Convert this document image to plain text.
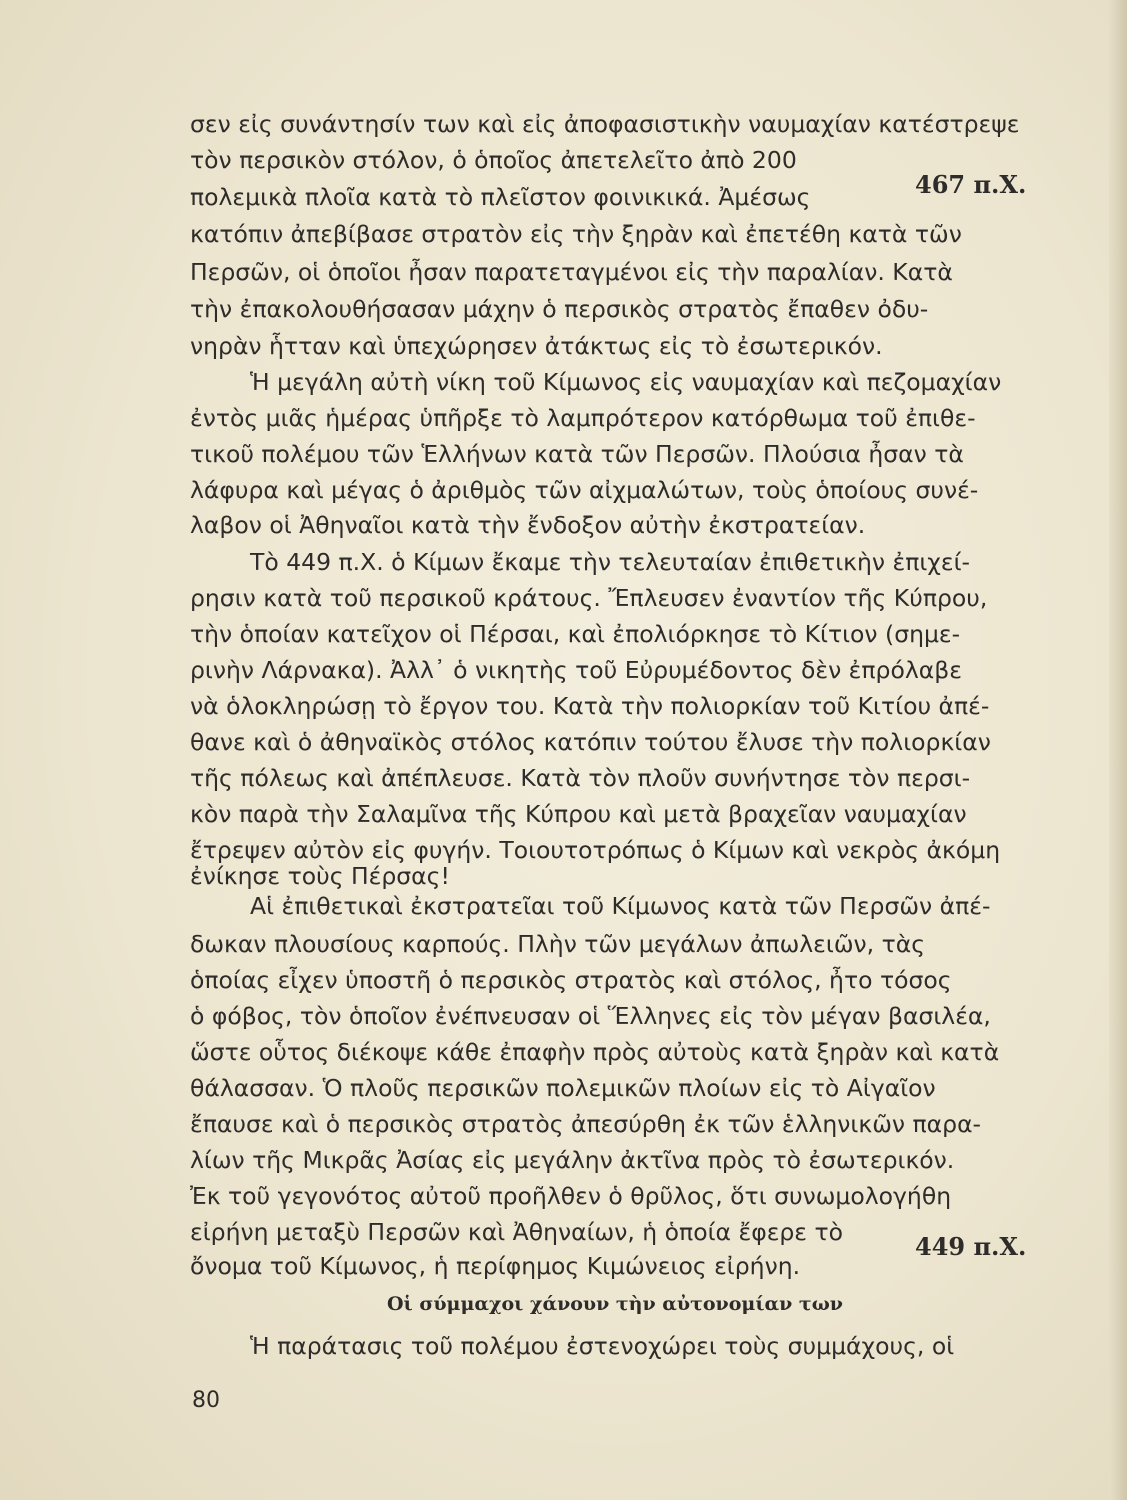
σεν εἰς συνάντησίν των καὶ εἰς ἀποφασιστικὴν ναυμαχίαν κατέστρεψε
τὸν περσικὸν στόλον, ὁ ὁποῖος ἀπετελεῖτο ἀπὸ 200
πολεμικὰ πλοῖα κατὰ τὸ πλεῖστον φοινικικά. Ἀμέσως
κατόπιν ἀπεβίβασε στρατὸν εἰς τὴν ξηρὰν καὶ ἐπετέθη κατὰ τῶν
Περσῶν, οἱ ὁποῖοι ἦσαν παρατεταγμένοι εἰς τὴν παραλίαν. Κατὰ
τὴν ἐπακολουθήσασαν μάχην ὁ περσικὸς στρατὸς ἔπαθεν ὀδυ-
νηρὰν ἧτταν καὶ ὑπεχώρησεν ἀτάκτως εἰς τὸ ἐσωτερικόν.
Ἡ μεγάλη αὐτὴ νίκη τοῦ Κίμωνος εἰς ναυμαχίαν καὶ πεζομαχίαν
ἐντὸς μιᾶς ἡμέρας ὑπῆρξε τὸ λαμπρότερον κατόρθωμα τοῦ ἐπιθε-
τικοῦ πολέμου τῶν Ἑλλήνων κατὰ τῶν Περσῶν. Πλούσια ἦσαν τὰ
λάφυρα καὶ μέγας ὁ ἀριθμὸς τῶν αἰχμαλώτων, τοὺς ὁποίους συνέ-
λαβον οἱ Ἀθηναῖοι κατὰ τὴν ἔνδοξον αὐτὴν ἐκστρατείαν.
Τὸ 449 π.Χ. ὁ Κίμων ἔκαμε τὴν τελευταίαν ἐπιθετικὴν ἐπιχεί-
ρησιν κατὰ τοῦ περσικοῦ κράτους. Ἔπλευσεν ἐναντίον τῆς Κύπρου,
τὴν ὁποίαν κατεῖχον οἱ Πέρσαι, καὶ ἐπολιόρκησε τὸ Κίτιον (σημε-
ρινὴν Λάρνακα). Ἀλλ᾽ ὁ νικητὴς τοῦ Εὐρυμέδοντος δὲν ἐπρόλαβε
νὰ ὁλοκληρώσῃ τὸ ἔργον του. Κατὰ τὴν πολιορκίαν τοῦ Κιτίου ἀπέ-
θανε καὶ ὁ ἀθηναϊκὸς στόλος κατόπιν τούτου ἔλυσε τὴν πολιορκίαν
τῆς πόλεως καὶ ἀπέπλευσε. Κατὰ τὸν πλοῦν συνήντησε τὸν περσι-
κὸν παρὰ τὴν Σαλαμῖνα τῆς Κύπρου καὶ μετὰ βραχεῖαν ναυμαχίαν
ἔτρεψεν αὐτὸν εἰς φυγήν. Τοιουτοτρόπως ὁ Κίμων καὶ νεκρὸς ἀκόμη
ἐνίκησε τοὺς Πέρσας!
Αἱ ἐπιθετικαὶ ἐκστρατεῖαι τοῦ Κίμωνος κατὰ τῶν Περσῶν ἀπέ-
δωκαν πλουσίους καρπούς. Πλὴν τῶν μεγάλων ἀπωλειῶν, τὰς
ὁποίας εἶχεν ὑποστῆ ὁ περσικὸς στρατὸς καὶ στόλος, ἦτο τόσος
ὁ φόβος, τὸν ὁποῖον ἐνέπνευσαν οἱ Ἕλληνες εἰς τὸν μέγαν βασιλέα,
ὥστε οὗτος διέκοψε κάθε ἐπαφὴν πρὸς αὐτοὺς κατὰ ξηρὰν καὶ κατὰ
θάλασσαν. Ὁ πλοῦς περσικῶν πολεμικῶν πλοίων εἰς τὸ Αἰγαῖον
ἔπαυσε καὶ ὁ περσικὸς στρατὸς ἀπεσύρθη ἐκ τῶν ἑλληνικῶν παρα-
λίων τῆς Μικρᾶς Ἀσίας εἰς μεγάλην ἀκτῖνα πρὸς τὸ ἐσωτερικόν.
Ἐκ τοῦ γεγονότος αὐτοῦ προῆλθεν ὁ θρῦλος, ὅτι συνωμολογήθη
εἰρήνη μεταξὺ Περσῶν καὶ Ἀθηναίων, ἡ ὁποία ἔφερε τὸ
ὄνομα τοῦ Κίμωνος, ἡ περίφημος Κιμώνειος εἰρήνη.
467 π.Χ.
449 π.Χ.
Οἱ σύμμαχοι χάνουν τὴν αὐτονομίαν των
Ἡ παράτασις τοῦ πολέμου ἐστενοχώρει τοὺς συμμάχους, οἱ
80
